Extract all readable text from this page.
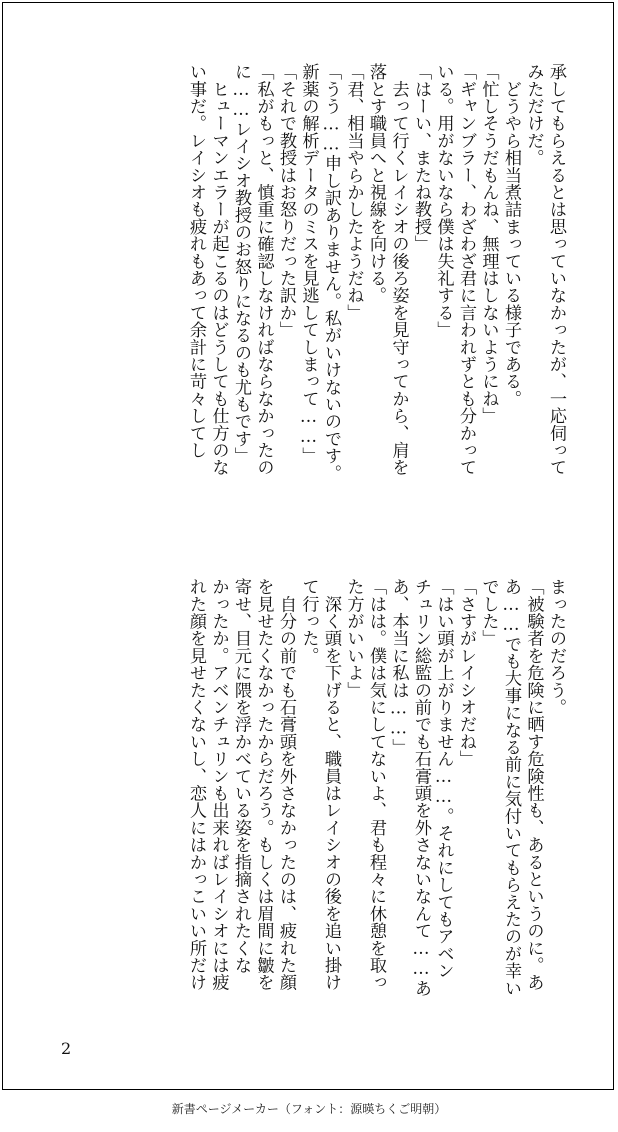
承してもらえるとは思っていなかったが、一応伺って
みただけだ。
　どうやら相当煮詰まっている様子である。
「忙しそうだもんね、無理はしないようにね」
「ギャンブラー、わざわざ君に言われずとも分かって
いる。用がないなら僕は失礼する」
「はーい、またね教授」
　去って行くレイシオの後ろ姿を見守ってから、肩を
落とす職員へと視線を向ける。
「君、相当やらかしたようだね」
「うう……申し訳ありません。私がいけないのです。
新薬の解析データのミスを見逃してしまって……」
「それで教授はお怒りだった訳か」
「私がもっと、慎重に確認しなければならなかったの
に……レイシオ教授のお怒りになるのも尤もです」
　ヒューマンエラーが起こるのはどうしても仕方のな
い事だ。レイシオも疲れもあって余計に苛々してし
まったのだろう。
「被験者を危険に晒す危険性も、あるというのに。あ
あ……でも大事になる前に気付いてもらえたのが幸い
でした」
「さすがレイシオだね」
「はい頭が上がりません……。それにしてもアベン
チュリン総監の前でも石膏頭を外さないなんて……あ
あ、本当に私は……」
「はは。僕は気にしてないよ、君も程々に休憩を取っ
た方がいいよ」
　深く頭を下げると、職員はレイシオの後を追い掛け
て行った。
　自分の前でも石膏頭を外さなかったのは、疲れた顔
を見せたくなかったからだろう。もしくは眉間に皺を
寄せ、目元に隈を浮かべている姿を指摘されたくな
かったか。アベンチュリンも出来ればレイシオには疲
れた顔を見せたくないし、恋人にはかっこいい所だけ
2
新書ページメーカー（フォント：源暎ちくご明朝）
